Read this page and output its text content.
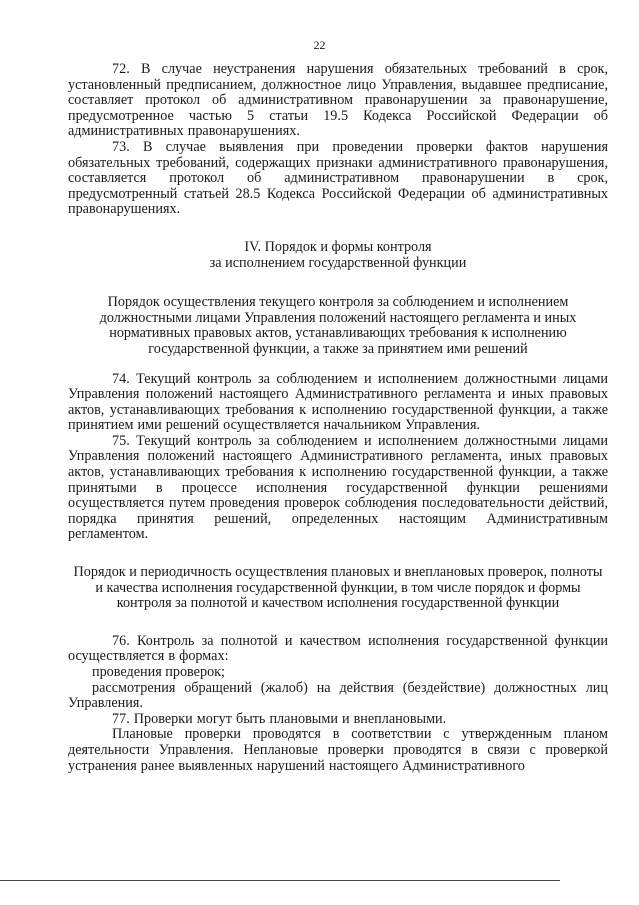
22

72. В случае неустранения нарушения обязательных требований в срок, установленный предписанием, должностное лицо Управления, выдавшее предписание, составляет протокол об административном правонарушении за правонарушение, предусмотренное частью 5 статьи 19.5 Кодекса Российской Федерации об административных правонарушениях.

73. В случае выявления при проведении проверки фактов нарушения обязательных требований, содержащих признаки административного правонарушения, составляется протокол об административном правонарушении в срок, предусмотренный статьей 28.5 Кодекса Российской Федерации об административных правонарушениях.

IV. Порядок и формы контроля

за исполнением государственной функции

Порядок осуществления текущего контроля за соблюдением и исполнением должностными лицами Управления положений настоящего регламента и иных нормативных правовых актов, устанавливающих требования к исполнению государственной функции, а также за принятием ими решений

74. Текущий контроль за соблюдением и исполнением должностными лицами Управления положений настоящего Административного регламента и иных правовых актов, устанавливающих требования к исполнению государственной функции, а также принятием ими решений осуществляется начальником Управления.

75. Текущий контроль за соблюдением и исполнением должностными лицами Управления положений настоящего Административного регламента, иных правовых актов, устанавливающих требования к исполнению государственной функции, а также принятыми в процессе исполнения государственной функции решениями осуществляется путем проведения проверок соблюдения последовательности действий, порядка принятия решений, определенных настоящим Административным регламентом.

Порядок и периодичность осуществления плановых и внеплановых проверок, полноты и качества исполнения государственной функции, в том числе порядок и формы контроля за полнотой и качеством исполнения государственной функции

76. Контроль за полнотой и качеством исполнения государственной функции осуществляется в формах:

проведения проверок;

рассмотрения обращений (жалоб) на действия (бездействие) должностных лиц Управления.

77. Проверки могут быть плановыми и внеплановыми.

Плановые проверки проводятся в соответствии с утвержденным планом деятельности Управления. Неплановые проверки проводятся в связи с проверкой устранения ранее выявленных нарушений настоящего Административного
